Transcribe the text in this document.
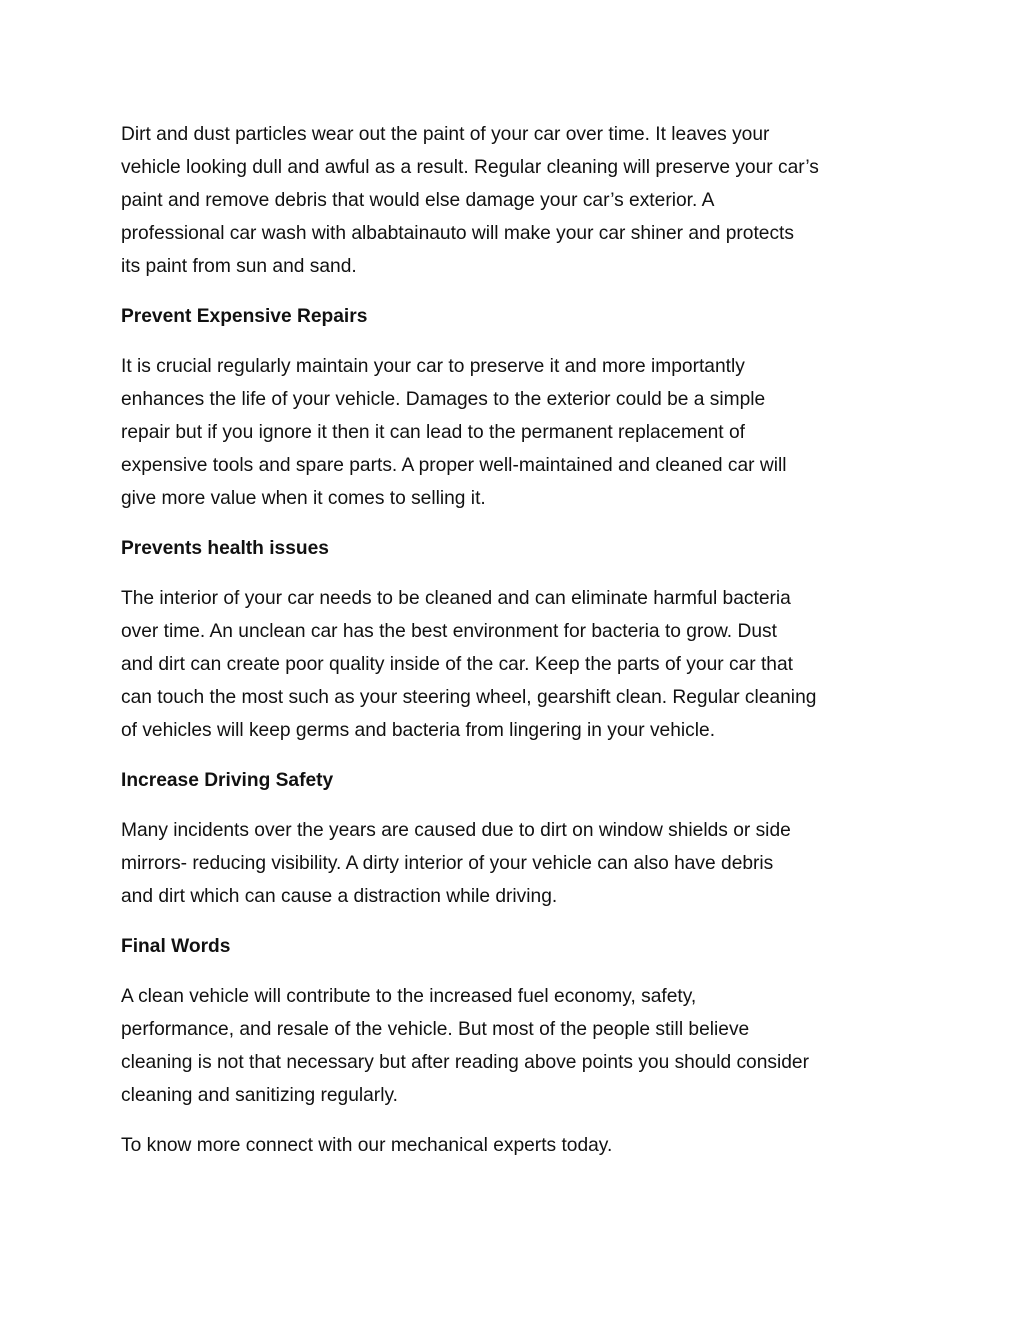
Dirt and dust particles wear out the paint of your car over time. It leaves your
vehicle looking dull and awful as a result. Regular cleaning will preserve your car’s
paint and remove debris that would else damage your car’s exterior. A
professional car wash with albabtainauto will make your car shiner and protects
its paint from sun and sand.

Prevent Expensive Repairs

It is crucial regularly maintain your car to preserve it and more importantly
enhances the life of your vehicle. Damages to the exterior could be a simple
repair but if you ignore it then it can lead to the permanent replacement of
expensive tools and spare parts. A proper well-maintained and cleaned car will
give more value when it comes to selling it.

Prevents health issues

The interior of your car needs to be cleaned and can eliminate harmful bacteria
over time. An unclean car has the best environment for bacteria to grow. Dust
and dirt can create poor quality inside of the car. Keep the parts of your car that
can touch the most such as your steering wheel, gearshift clean. Regular cleaning
of vehicles will keep germs and bacteria from lingering in your vehicle.

Increase Driving Safety

Many incidents over the years are caused due to dirt on window shields or side
mirrors- reducing visibility. A dirty interior of your vehicle can also have debris
and dirt which can cause a distraction while driving.

Final Words

A clean vehicle will contribute to the increased fuel economy, safety,
performance, and resale of the vehicle. But most of the people still believe
cleaning is not that necessary but after reading above points you should consider
cleaning and sanitizing regularly.

To know more connect with our mechanical experts today.
